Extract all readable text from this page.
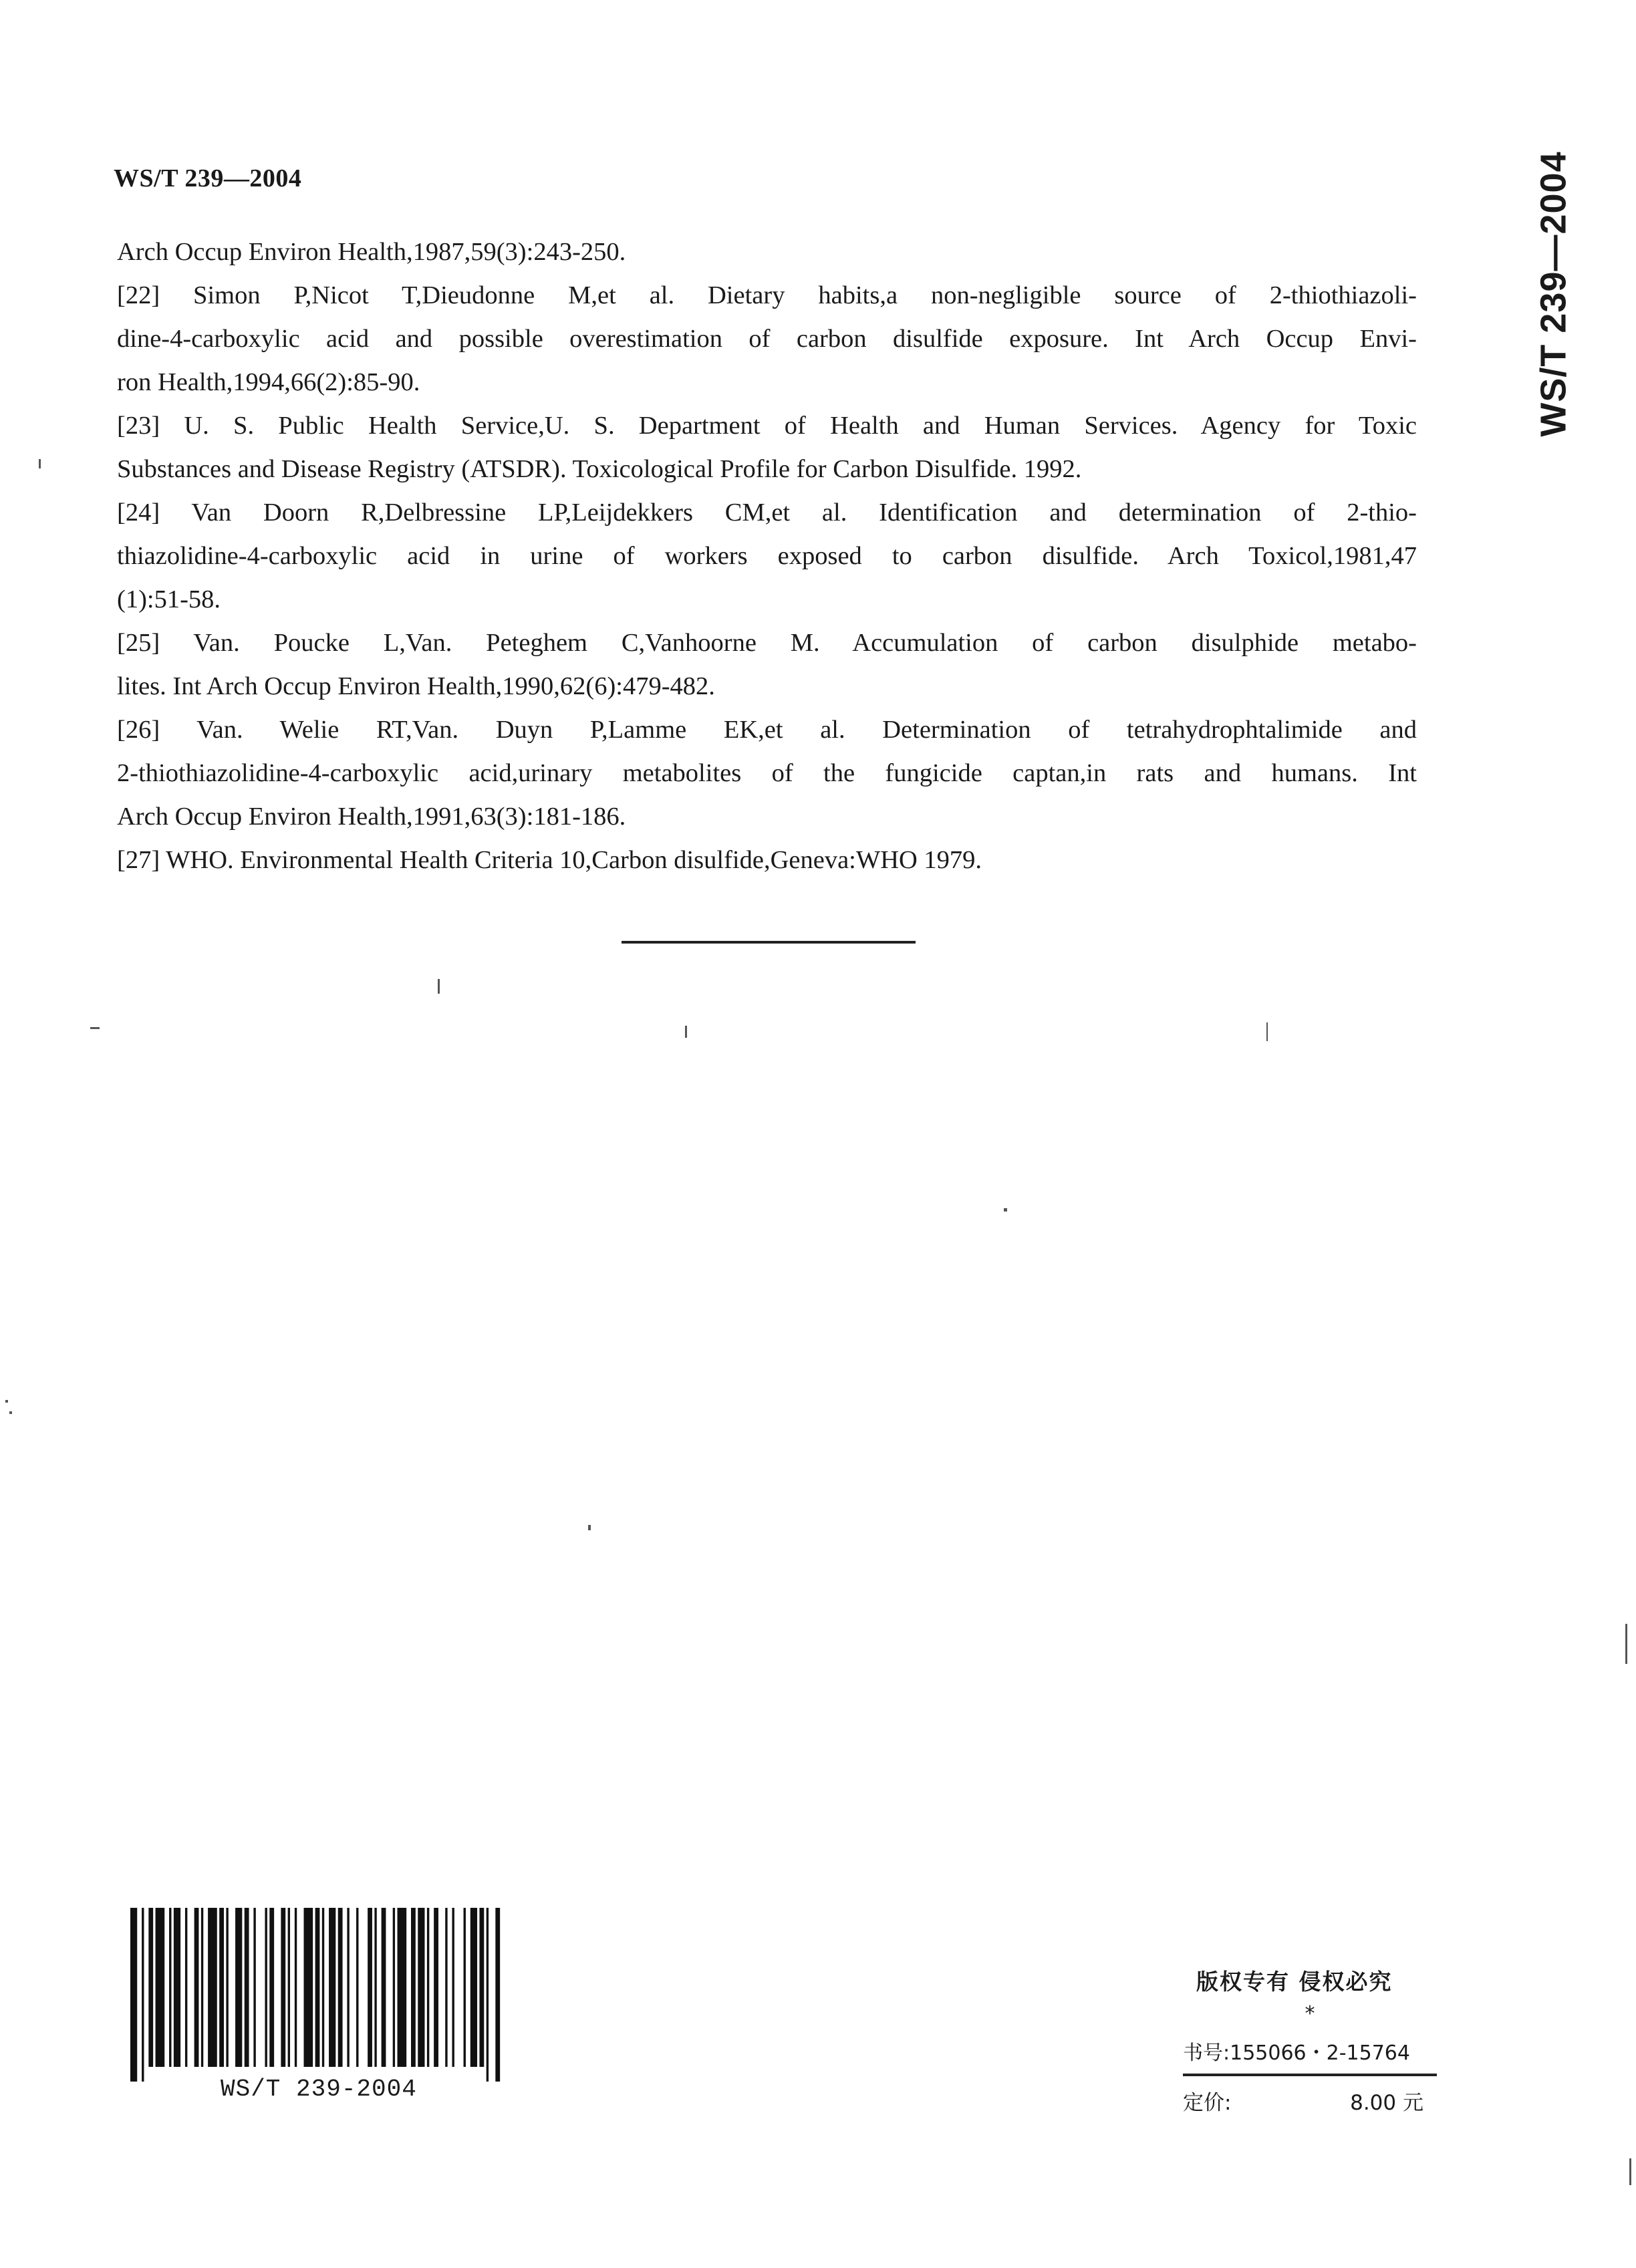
WS/T 239—2004	WS/T 239—2004
Arch Occup Environ Health,1987,59(3):243-250.
[22] Simon P,Nicot T,Dieudonne M,et al. Dietary habits,a non-negligible source of 2-thiothiazoli-
dine-4-carboxylic acid and possible overestimation of carbon disulfide exposure. Int Arch Occup Envi-
ron Health,1994,66(2):85-90.
[23] U. S. Public Health Service,U. S. Department of Health and Human Services. Agency for Toxic
Substances and Disease Registry (ATSDR). Toxicological Profile for Carbon Disulfide. 1992.
[24] Van Doorn R,Delbressine LP,Leijdekkers CM,et al. Identification and determination of 2-thio-
thiazolidine-4-carboxylic acid in urine of workers exposed to carbon disulfide. Arch Toxicol,1981,47
(1):51-58.
[25] Van. Poucke L,Van. Peteghem C,Vanhoorne M. Accumulation of carbon disulphide metabo-
lites. Int Arch Occup Environ Health,1990,62(6):479-482.
[26] Van. Welie RT,Van. Duyn P,Lamme EK,et al. Determination of tetrahydrophtalimide and
2-thiothiazolidine-4-carboxylic acid,urinary metabolites of the fungicide captan,in rats and humans. Int
Arch Occup Environ Health,1991,63(3):181-186.
[27] WHO. Environmental Health Criteria 10,Carbon disulfide,Geneva:WHO 1979.
WS/T 239-2004
版权专有 侵权必究
*
书号:155066・2-15764
定价:	8.00 元
